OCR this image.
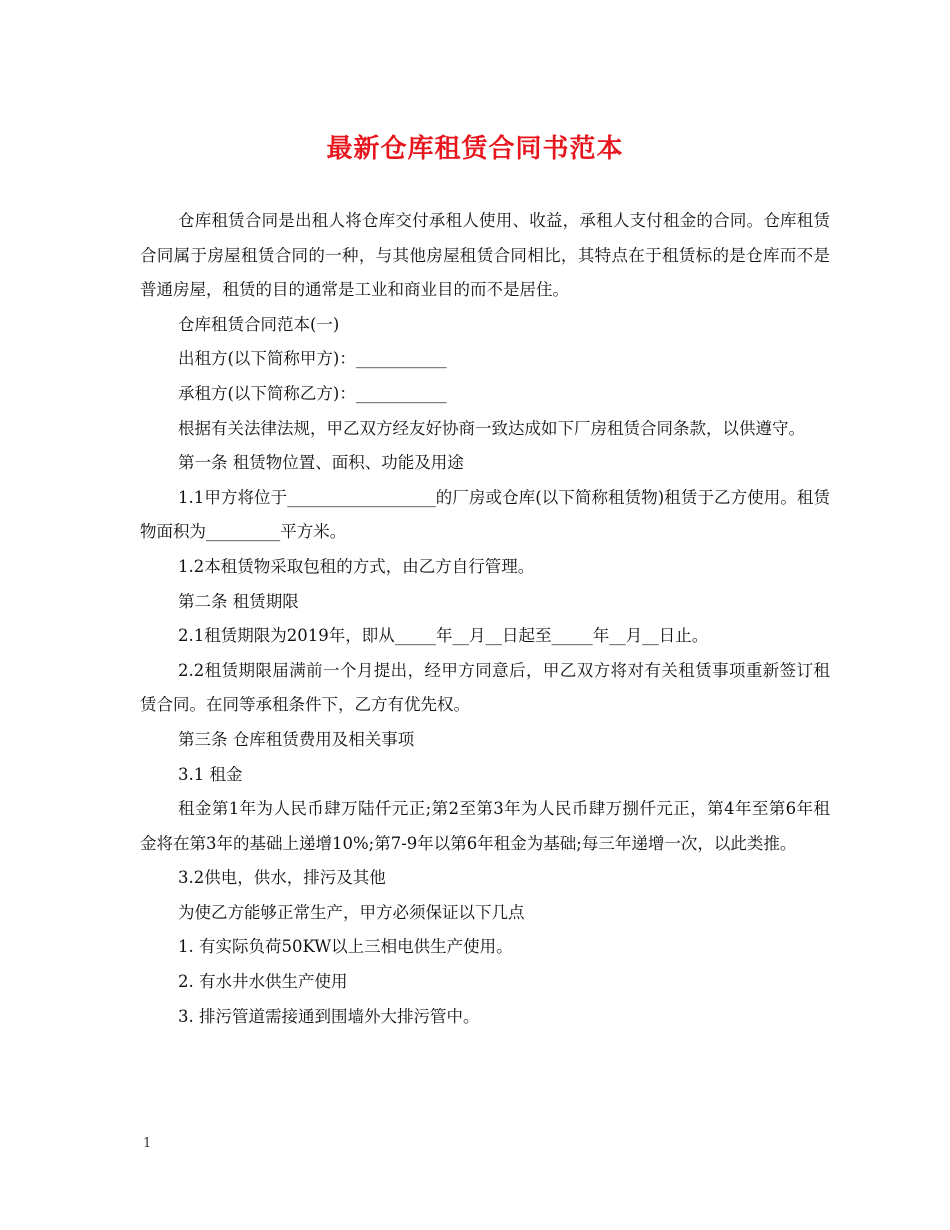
最新仓库租赁合同书范本

仓库租赁合同是出租人将仓库交付承租人使用、收益，承租人支付租金的合同。仓库租赁合同属于房屋租赁合同的一种，与其他房屋租赁合同相比，其特点在于租赁标的是仓库而不是普通房屋，租赁的目的通常是工业和商业目的而不是居住。

仓库租赁合同范本(一)

出租方(以下简称甲方)：___________

承租方(以下简称乙方)：___________

根据有关法律法规，甲乙双方经友好协商一致达成如下厂房租赁合同条款，以供遵守。

第一条 租赁物位置、面积、功能及用途

1.1甲方将位于__________________的厂房或仓库(以下简称租赁物)租赁于乙方使用。租赁物面积为_________平方米。

1.2本租赁物采取包租的方式，由乙方自行管理。

第二条 租赁期限

2.1租赁期限为2019年，即从_____年__月__日起至_____年__月__日止。

2.2租赁期限届满前一个月提出，经甲方同意后，甲乙双方将对有关租赁事项重新签订租赁合同。在同等承租条件下，乙方有优先权。

第三条 仓库租赁费用及相关事项

3.1 租金

租金第1年为人民币肆万陆仟元正;第2至第3年为人民币肆万捌仟元正，第4年至第6年租金将在第3年的基础上递增10%;第7-9年以第6年租金为基础;每三年递增一次，以此类推。

3.2供电，供水，排污及其他

为使乙方能够正常生产，甲方必须保证以下几点

1. 有实际负荷50KW以上三相电供生产使用。

2. 有水井水供生产使用

3. 排污管道需接通到围墙外大排污管中。

1
